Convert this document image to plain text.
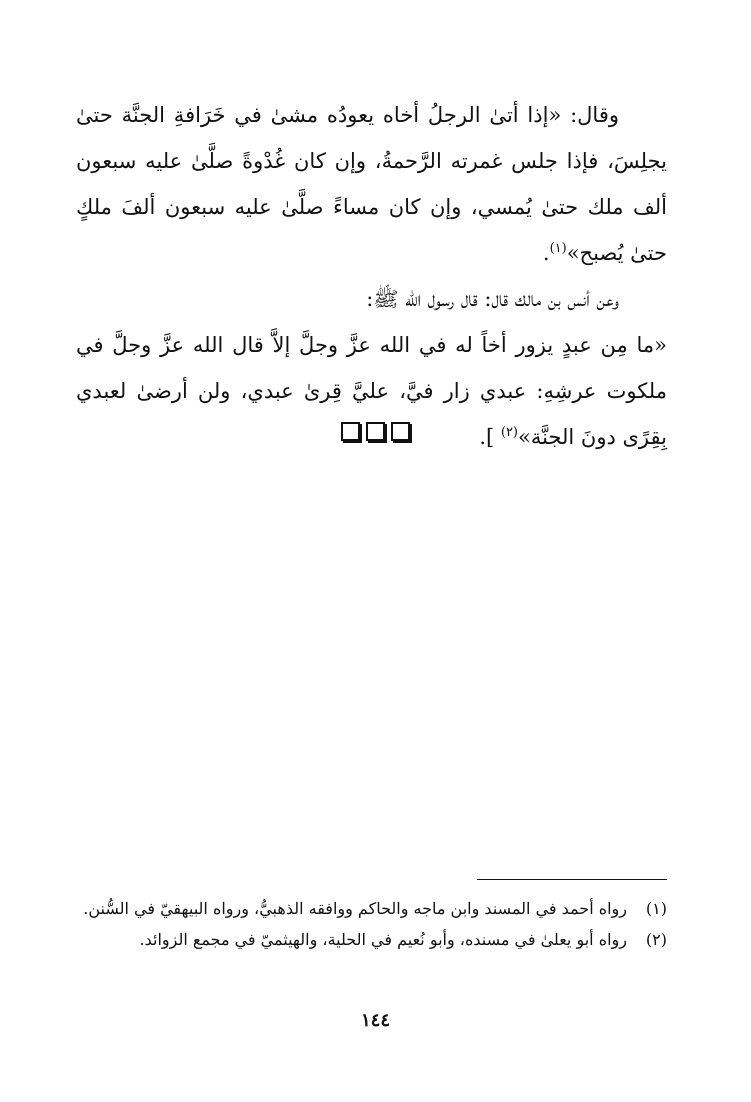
وقال: «إذا أتىٰ الرجلُ أخاه يعودُه مشىٰ في خَرَافةِ الجنَّة حتىٰ يجلِسَ، فإذا جلس غمرته الرَّحمةُ، وإن كان غُدْوةً صلَّىٰ عليه سبعون ألف ملك حتىٰ يُمسي، وإن كان مساءً صلَّىٰ عليه سبعون ألفَ ملكٍ حتىٰ يُصبح»$^{(١)}$.

وعن أنس بن مالك قال: قال رسول الله ﷺ:

«ما مِن عبدٍ يزور أخاً له في الله عزَّ وجلَّ إلاَّ قال الله عزَّ وجلَّ في ملكوت عرشِهِ: عبدي زار فيَّ، عليَّ قِرىٰ عبدي، ولن أرضىٰ لعبدي بِقِرًى دونَ الجنَّة»$^{(٢)}$ ].

(١)رواه أحمد في المسند وابن ماجه والحاكم ووافقه الذهبيُّ، ورواه البيهقيّ في السُّنن.

(٢)رواه أبو يعلىٰ في مسنده، وأبو نُعيم في الحلية، والهيثميّ في مجمع الزوائد.

١٤٤
